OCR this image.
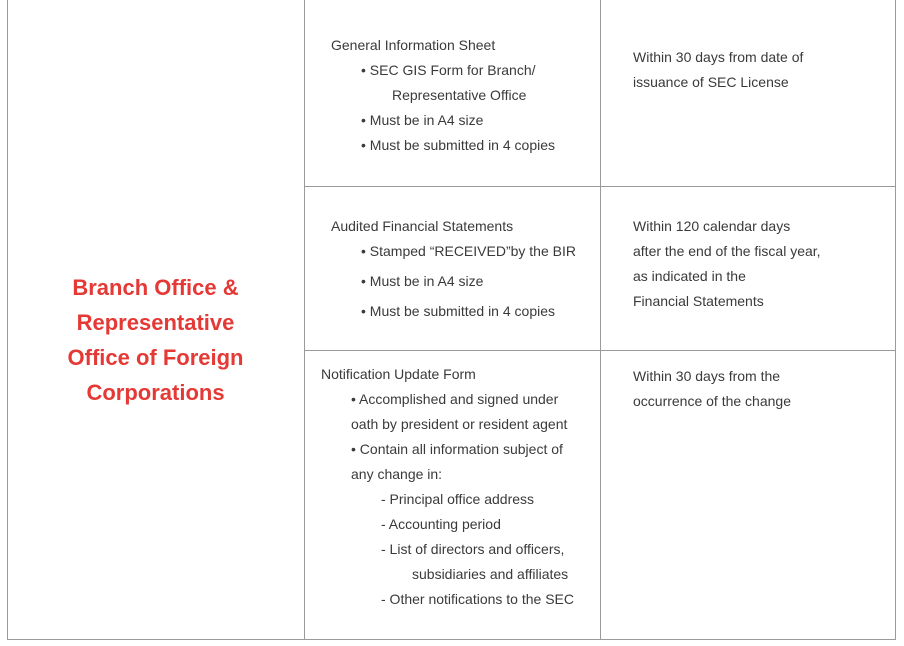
Branch Office &
Representative
Office of Foreign
Corporations
General Information Sheet
• SEC GIS Form for Branch/
Representative Office
• Must be in A4 size
• Must be submitted in 4 copies
Within 30 days from date of
issuance of SEC License
Audited Financial Statements
• Stamped “RECEIVED”by the BIR
• Must be in A4 size
• Must be submitted in 4 copies
Within 120 calendar days
after the end of the fiscal year,
as indicated in the
Financial Statements
Notification Update Form
• Accomplished and signed under
oath by president or resident agent
• Contain all information subject of
any change in:
- Principal office address
- Accounting period
- List of directors and officers,
subsidiaries and affiliates
- Other notifications to the SEC
Within 30 days from the
occurrence of the change
